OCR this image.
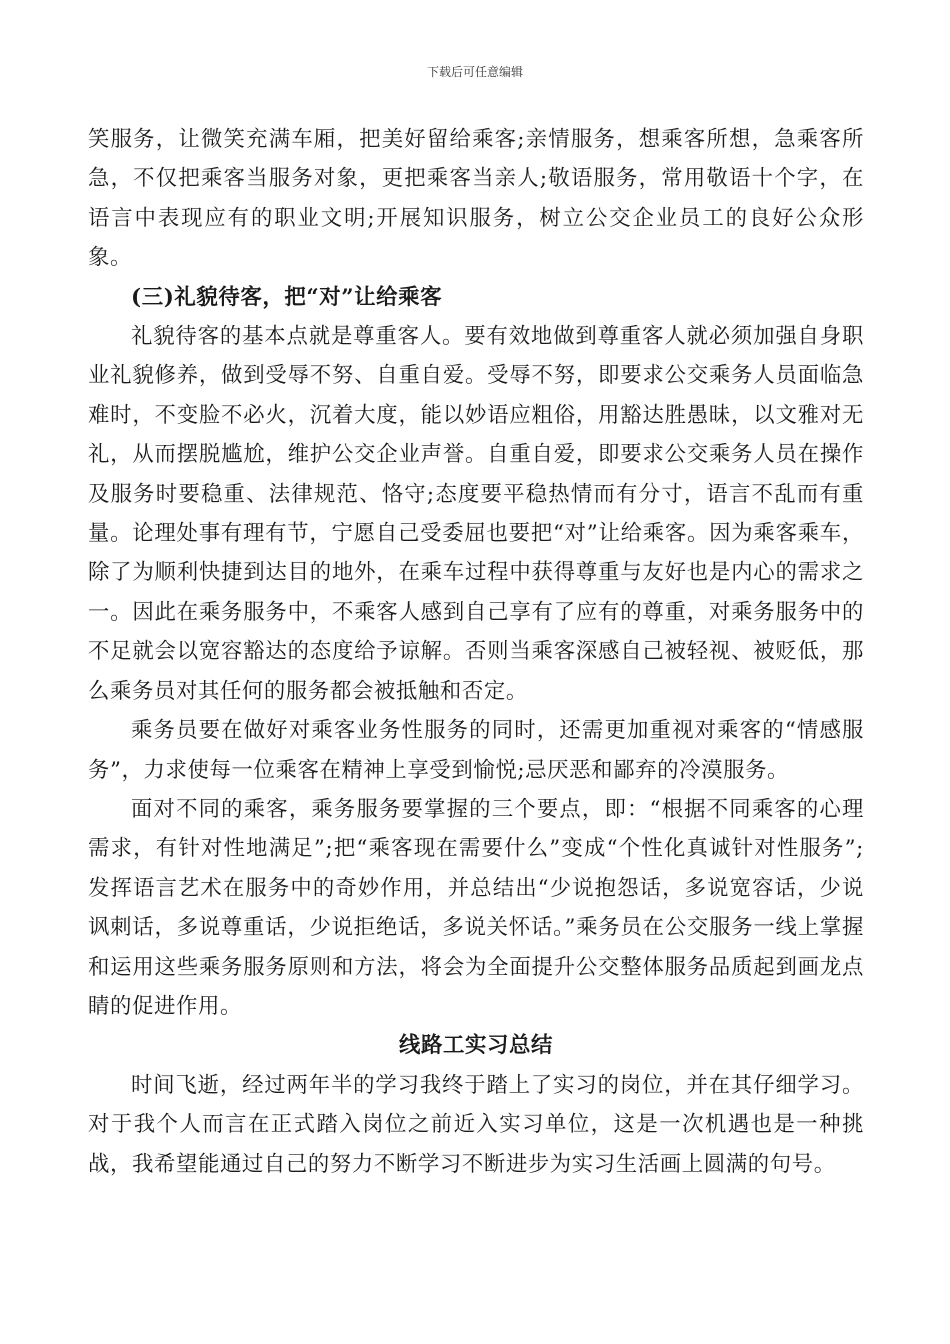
下载后可任意编辑

笑服务，让微笑充满车厢，把美好留给乘客;亲情服务，想乘客所想，急乘客所急，不仅把乘客当服务对象，更把乘客当亲人;敬语服务，常用敬语十个字，在语言中表现应有的职业文明;开展知识服务，树立公交企业员工的良好公众形象。

(三)礼貌待客，把“对”让给乘客

礼貌待客的基本点就是尊重客人。要有效地做到尊重客人就必须加强自身职业礼貌修养，做到受辱不努、自重自爱。受辱不努，即要求公交乘务人员面临急难时，不变脸不必火，沉着大度，能以妙语应粗俗，用豁达胜愚昧，以文雅对无礼，从而摆脱尴尬，维护公交企业声誉。自重自爱，即要求公交乘务人员在操作及服务时要稳重、法律规范、恪守;态度要平稳热情而有分寸，语言不乱而有重量。论理处事有理有节，宁愿自己受委屈也要把“对”让给乘客。因为乘客乘车，除了为顺利快捷到达目的地外，在乘车过程中获得尊重与友好也是内心的需求之一。因此在乘务服务中，不乘客人感到自己享有了应有的尊重，对乘务服务中的不足就会以宽容豁达的态度给予谅解。否则当乘客深感自己被轻视、被贬低，那么乘务员对其任何的服务都会被抵触和否定。

乘务员要在做好对乘客业务性服务的同时，还需更加重视对乘客的“情感服务”，力求使每一位乘客在精神上享受到愉悦;忌厌恶和鄙弃的冷漠服务。

面对不同的乘客，乘务服务要掌握的三个要点，即：“根据不同乘客的心理需求，有针对性地满足”;把“乘客现在需要什么”变成“个性化真诚针对性服务”;发挥语言艺术在服务中的奇妙作用，并总结出“少说抱怨话，多说宽容话，少说讽刺话，多说尊重话，少说拒绝话，多说关怀话。”乘务员在公交服务一线上掌握和运用这些乘务服务原则和方法，将会为全面提升公交整体服务品质起到画龙点睛的促进作用。

线路工实习总结

时间飞逝，经过两年半的学习我终于踏上了实习的岗位，并在其仔细学习。对于我个人而言在正式踏入岗位之前近入实习单位，这是一次机遇也是一种挑战，我希望能通过自己的努力不断学习不断进步为实习生活画上圆满的句号。
